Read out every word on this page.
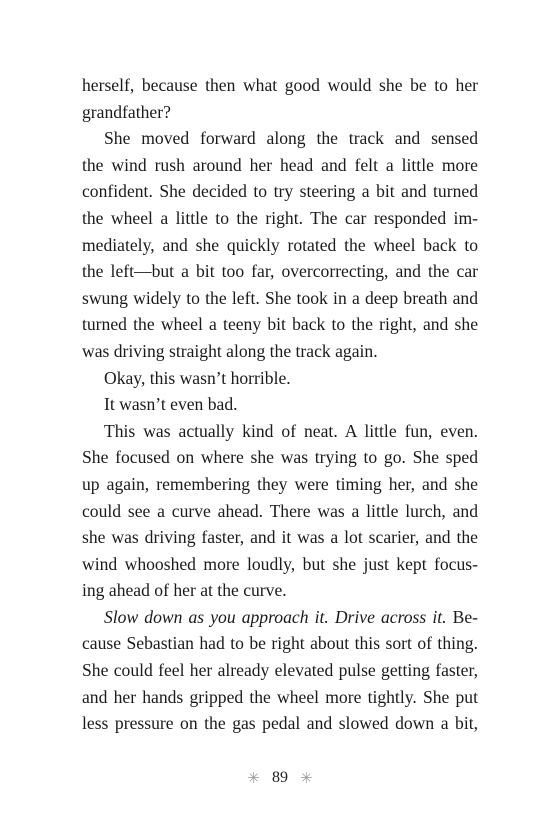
herself, because then what good would she be to her
grandfather?

She moved forward along the track and sensed
the wind rush around her head and felt a little more
confident. She decided to try steering a bit and turned
the wheel a little to the right. The car responded im-
mediately, and she quickly rotated the wheel back to
the left—but a bit too far, overcorrecting, and the car
swung widely to the left. She took in a deep breath and
turned the wheel a teeny bit back to the right, and she
was driving straight along the track again.

Okay, this wasn’t horrible.

It wasn’t even bad.

This was actually kind of neat. A little fun, even.
She focused on where she was trying to go. She sped
up again, remembering they were timing her, and she
could see a curve ahead. There was a little lurch, and
she was driving faster, and it was a lot scarier, and the
wind whooshed more loudly, but she just kept focus-
ing ahead of her at the curve.

Slow down as you approach it. Drive across it. Be-
cause Sebastian had to be right about this sort of thing.
She could feel her already elevated pulse getting faster,
and her hands gripped the wheel more tightly. She put
less pressure on the gas pedal and slowed down a bit,

✳ 89 ✳
